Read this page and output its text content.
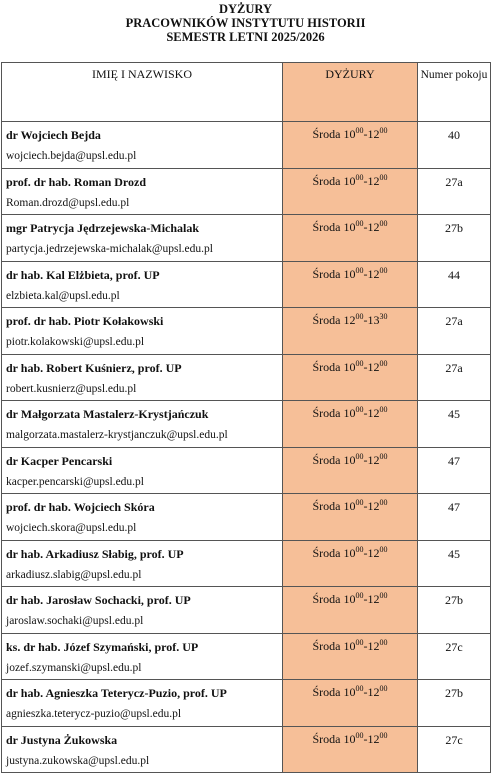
DYŻURY
PRACOWNIKÓW INSTYTUTU HISTORII
SEMESTR LETNI 2025/2026
IMIĘ I NAZWISKO	DYŻURY	Numer pokoju

dr Wojciech Bejda
wojciech.bejda@upsl.edu.pl	Środa $10^{00}-12^{00}$	40

prof. dr hab. Roman Drozd
Roman.drozd@upsl.edu.pl	Środa $10^{00}-12^{00}$	27a

mgr Patrycja Jędrzejewska-Michalak
partycja.jedrzejewska-michalak@upsl.edu.pl	Środa $10^{00}-12^{00}$	27b

dr hab. Kal Elżbieta, prof. UP
elzbieta.kal@upsl.edu.pl	Środa $10^{00}-12^{00}$	44

prof. dr hab. Piotr Kołakowski
piotr.kolakowski@upsl.edu.pl	Środa $12^{00}-13^{30}$	27a

dr hab. Robert Kuśnierz, prof. UP
robert.kusnierz@upsl.edu.pl	Środa $10^{00}-12^{00}$	27a

dr Małgorzata Mastalerz-Krystjańczuk
malgorzata.mastalerz-krystjanczuk@upsl.edu.pl	Środa $10^{00}-12^{00}$	45

dr Kacper Pencarski
kacper.pencarski@upsl.edu.pl	Środa $10^{00}-12^{00}$	47

prof. dr hab. Wojciech Skóra
wojciech.skora@upsl.edu.pl	Środa $10^{00}-12^{00}$	47

dr hab. Arkadiusz Słabig, prof. UP
arkadiusz.slabig@upsl.edu.pl	Środa $10^{00}-12^{00}$	45

dr hab. Jarosław Sochacki, prof. UP
jaroslaw.sochaki@upsl.edu.pl	Środa $10^{00}-12^{00}$	27b

ks. dr hab. Józef Szymański, prof. UP
jozef.szymanski@upsl.edu.pl	Środa $10^{00}-12^{00}$	27c

dr hab. Agnieszka Teterycz-Puzio, prof. UP
agnieszka.teterycz-puzio@upsl.edu.pl	Środa $10^{00}-12^{00}$	27b

dr Justyna Żukowska
justyna.zukowska@upsl.edu.pl	Środa $10^{00}-12^{00}$	27c
